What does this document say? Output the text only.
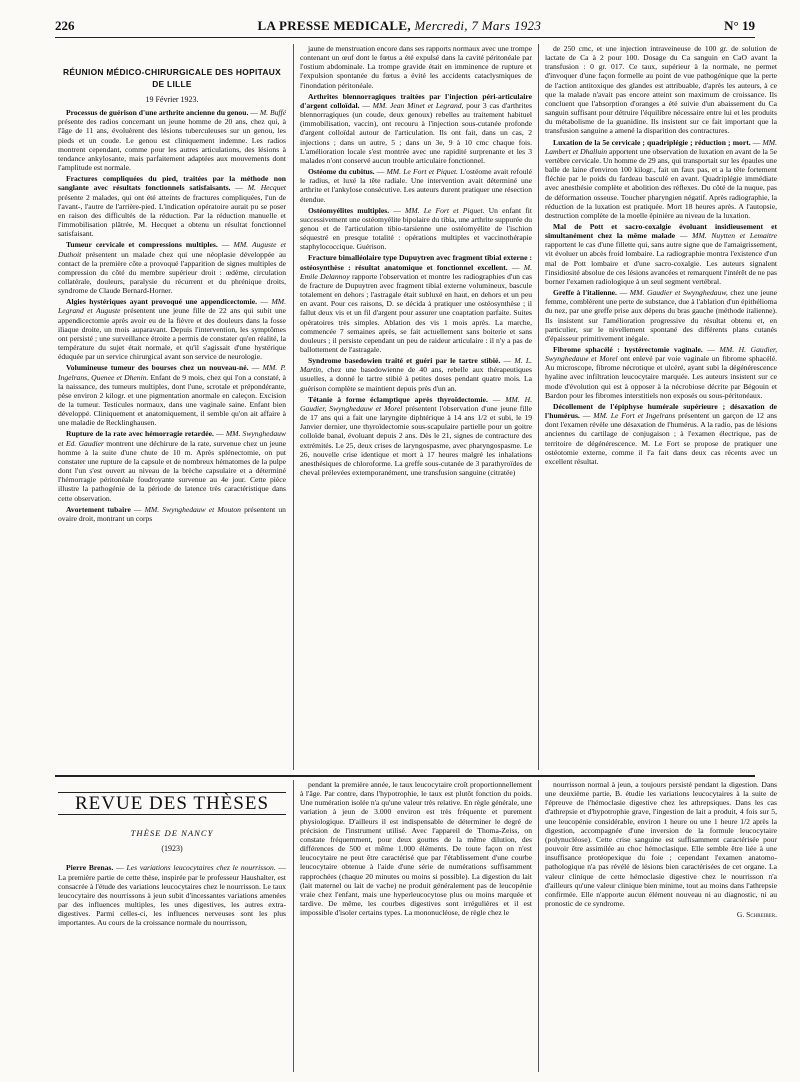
226	LA PRESSE MEDICALE, Mercredi, 7 Mars 1923	N° 19
RÉUNION MÉDICO-CHIRURGICALE DES HOPITAUX DE LILLE
19 Février 1923.

Processus de guérison d'une arthrite ancienne du genou. — M. Buffé présente des radios concernant un jeune homme de 20 ans, chez qui, à l'âge de 11 ans, évoluèrent des lésions tuberculeuses sur un genou, les pieds et un coude. Le genou est cliniquement indemne. Les radios montrent cependant, comme pour les autres articulations, des lésions à tendance ankylosante, mais parfaitement adaptées aux mouvements dont l'amplitude est normale.

Fractures compliquées du pied, traitées par la méthode non sanglante avec résultats fonctionnels satisfaisants. — M. Hecquet présente 2 malades, qui ont été atteints de fractures compliquées, l'un de l'avant-, l'autre de l'arrière-pied. L'indication opératoire aurait pu se poser en raison des difficultés de la réduction. Par la réduction manuelle et l'immobilisation plâtrée, M. Hecquet a obtenu un résultat fonctionnel satisfaisant.

Tumeur cervicale et compressions multiples. — MM. Auguste et Duthoit présentent un malade chez qui une néoplasie développée au contact de la première côte a provoqué l'apparition de signes multiples de compression du côté du membre supérieur droit : œdème, circulation collatérale, douleurs, paralysie du récurrent et du phrénique droits, syndrome de Claude Bernard-Horner.

Algies hystériques ayant provoqué une appendicectomie. — MM. Legrand et Auguste présentent une jeune fille de 22 ans qui subit une appendicectomie après avoir eu de la fièvre et des douleurs dans la fosse iliaque droite, un mois auparavant. Depuis l'intervention, les symptômes ont persisté ; une surveillance étroite a permis de constater qu'en réalité, la température du sujet était normale, et qu'il s'agissait d'une hystérique éduquée par un service chirurgical avant son service de neurologie.

Volumineuse tumeur des bourses chez un nouveau-né. — MM. P. Ingelrans, Quenee et Dhenin. Enfant de 9 mois, chez qui l'on a constaté, à la naissance, des tumeurs multiples, dont l'une, scrotale et prépondérante, pèse environ 2 kilogr. et une pigmentation anormale en caleçon. Excision de la tumeur. Testicules normaux, dans une vaginale saine. Enfant bien développé. Cliniquement et anatomiquement, il semble qu'on ait affaire à une maladie de Recklinghausen.

Rupture de la rate avec hémorragie retardée. — MM. Swynghedauw et Ed. Gaudier montrent une déchirure de la rate, survenue chez un jeune homme à la suite d'une chute de 10 m. Après splénectomie, on put constater une rupture de la capsule et de nombreux hématomes de la pulpe dont l'un s'est ouvert au niveau de la brèche capsulaire et a déterminé l'hémorragie péritonéale foudroyante survenue au 4e jour. Cette pièce illustre la pathogénie de la période de latence très caractéristique dans cette observation.

Avortement tubaire — MM. Swynghedauw et Mouton présentent un ovaire droit, montrant un corps

jaune de menstruation encore dans ses rapports normaux avec une trompe contenant un œuf dont le fœtus a été expulsé dans la cavité péritonéale par l'ostium abdominale. La trompe gravide était en imminence de rupture et l'expulsion spontanée du fœtus a évité les accidents cataclysmiques de l'inondation péritonéale.

Arthrites blennorragiques traitées par l'injection péri-articulaire d'argent colloïdal. — MM. Jean Minet et Legrand, pour 3 cas d'arthrites blennorragiques (un coude, deux genoux) rebelles au traitement habituel (immobilisation, vaccin), ont recouru à l'injection sous-cutanée profonde d'argent colloïdal autour de l'articulation. Ils ont fait, dans un cas, 2 injections ; dans un autre, 5 ; dans un 3e, 9 à 10 cmc chaque fois. L'amélioration locale s'est montrée avec une rapidité surprenante et les 3 malades n'ont conservé aucun trouble articulaire fonctionnel.

Ostéome du cubitus. — MM. Le Fort et Piquet. L'ostéome avait refoulé le radius, et luxé la tête radiale. Une intervention avait déterminé une arthrite et l'ankylose consécutive. Les auteurs durent pratiquer une résection étendue.

Ostéomyélites multiples. — MM. Le Fort et Piquet. Un enfant fit successivement une ostéomyélite bipolaire du tibia, une arthrite suppurée du genou et de l'articulation tibio-tarsienne une ostéomyélite de l'ischion séquestré en presque totalité : opérations multiples et vaccinothérapie staphylococcique. Guérison.

Fracture bimalléolaire type Dupuytren avec fragment tibial externe : ostéosynthèse : résultat anatomique et fonctionnel excellent. — M. Emile Delannoy rapporte l'observation et montre les radiographies d'un cas de fracture de Dupuytren avec fragment tibial externe volumineux, bascule totalement en dehors ; l'astragale était subluxé en haut, en dehors et un peu en avant. Pour ces raisons, D. se décida à pratiquer une ostéosynthèse ; il fallut deux vis et un fil d'argent pour assurer une coaptation parfaite. Suites opératoires très simples. Ablation des vis 1 mois après. La marche, commencée 7 semaines après, se fait actuellement sans boiterie et sans douleurs ; il persiste cependant un peu de raideur articulaire : il n'y a pas de ballottement de l'astragale.

Syndrome basedowien traité et guéri par le tartre stibié. — M. L. Martin, chez une basedowienne de 40 ans, rebelle aux thérapeutiques usuelles, a donné le tartre stibié à petites doses pendant quatre mois. La guérison complète se maintient depuis près d'un an.

Tétanie à forme éclamptique après thyroïdectomie. — MM. H. Gaudier, Swynghedauw et Morel présentent l'observation d'une jeune fille de 17 ans qui a fait une laryngite diphtérique à 14 ans 1/2 et subi, le 19 Janvier dernier, une thyroïdectomie sous-scapulaire partielle pour un goitre colloïde banal, évoluant depuis 2 ans. Dès le 21, signes de contracture des extrémités. Le 25, deux crises de laryngospasme, avec pharyngospasme. Le 26, nouvelle crise identique et mort à 17 heures malgré les inhalations anesthésiques de chloroforme. La greffe sous-cutanée de 3 parathyroïdes de cheval prélevées extemporanément, une transfusion sanguine (citratée)

de 250 cmc, et une injection intraveineuse de 100 gr. de solution de lactate de Ca à 2 pour 100. Dosage du Ca sanguin en CaO avant la transfusion : 0 gr. 017. Ce taux, supérieur à la normale, ne permet d'invoquer d'une façon formelle au point de vue pathogénique que la perte de l'action antitoxique des glandes est attribuable, d'après les auteurs, à ce que la malade n'avait pas encore atteint son maximum de croissance. Ils concluent que l'absorption d'oranges a été suivie d'un abaissement du Ca sanguin suffisant pour détruire l'équilibre nécessaire entre lui et les produits du métabolisme de la guanidine. Ils insistent sur ce fait important que la transfusion sanguine a amené la disparition des contractures.

Luxation de la 5e cervicale ; quadriplégie ; réduction ; mort. — MM. Lambert et Dhalluin apportent une observation de luxation en avant de la 5e vertèbre cervicale. Un homme de 29 ans, qui transportait sur les épaules une balle de laine d'environ 100 kilogr., fait un faux pas, et a la tête fortement fléchie par le poids du fardeau basculé en avant. Quadriplégie immédiate avec anesthésie complète et abolition des réflexes. Du côté de la nuque, pas de déformation osseuse. Toucher pharyngien négatif. Après radiographie, la réduction de la luxation est pratiquée. Mort 18 heures après. A l'autopsie, destruction complète de la moelle épinière au niveau de la luxation.

Mal de Pott et sacro-coxalgie évoluant insidieusement et simultanément chez la même malade — MM. Nuytten et Lemaitre rapportent le cas d'une fillette qui, sans autre signe que de l'amaigrissement, vit évoluer un abcès froid lombaire. La radiographie montra l'existence d'un mal de Pott lombaire et d'une sacro-coxalgie. Les auteurs signalent l'insidiosité absolue de ces lésions avancées et remarquent l'intérêt de ne pas borner l'examen radiologique à un seul segment vertébral.

Greffe à l'italienne. — MM. Gaudier et Swynghedauw, chez une jeune femme, comblèrent une perte de substance, due à l'ablation d'un épithélioma du nez, par une greffe prise aux dépens du bras gauche (méthode italienne). Ils insistent sur l'amélioration progressive du résultat obtenu et, en particulier, sur le nivellement spontané des différents plans cutanés d'épaisseur primitivement inégale.

Fibrome sphacélé : hystérectomie vaginale. — MM. H. Gaudier, Swynghedauw et Morel ont enlevé par voie vaginale un fibrome sphacélé. Au microscope, fibrome nécrotique et ulcéré, ayant subi la dégénérescence hyaline avec infiltration leucocytaire marquée. Les auteurs insistent sur ce mode d'évolution qui est à opposer à la nécrobiose décrite par Bégouin et Bardon pour les fibromes interstitiels non exposés ou sous-péritonéaux.

Décollement de l'épiphyse humérale supérieure ; désaxation de l'humérus. — MM. Le Fort et Ingelrans présentent un garçon de 12 ans dont l'examen révèle une désaxation de l'humérus. A la radio, pas de lésions anciennes du cartilage de conjugaison ; à l'examen électrique, pas de territoire de dégénérescence. M. Le Fort se propose de pratiquer une ostéotomie externe, comme il l'a fait dans deux cas récents avec un excellent résultat.

REVUE DES THÈSES
THÈSE DE NANCY
(1923)

Pierre Brenas. — Les variations leucocytaires chez le nourrisson. — La première partie de cette thèse, inspirée par le professeur Haushalter, est consacrée à l'étude des variations leucocytaires chez le nourrisson. Le taux leucocytaire des nourrissons à jeun subit d'incessantes variations amenées par des influences multiples, les unes digestives, les autres extra-digestives. Parmi celles-ci, les influences nerveuses sont les plus importantes. Au cours de la croissance normale du nourrisson,

pendant la première année, le taux leucocytaire croît proportionnellement à l'âge. Par contre, dans l'hypotrophie, le taux est plutôt fonction du poids. Une numération isolée n'a qu'une valeur très relative. En règle générale, une variation à jeun de 3.000 environ est très fréquente et purement physiologique. D'ailleurs il est indispensable de déterminer le degré de précision de l'instrument utilisé. Avec l'appareil de Thoma-Zeiss, on constate fréquemment, pour deux gouttes de la même dilution, des différences de 500 et même 1.000 éléments. De toute façon on n'est leucocytaire ne peut être caractérisé que par l'établissement d'une courbe leucocytaire obtenue à l'aide d'une série de numérations suffisamment rapprochées (chaque 20 minutes ou moins si possible). La digestion du lait (lait maternel ou lait de vache) ne produit généralement pas de leucopénie vraie chez l'enfant, mais une hyperleucocytose plus ou moins marquée et tardive. De même, les courbes digestives sont irrégulières et il est impossible d'isoler certains types. La mononucléose, de règle chez le

nourrisson normal à jeun, a toujours persisté pendant la digestion. Dans une deuxième partie, B. étudie les variations leucocytaires à la suite de l'épreuve de l'hémoclasie digestive chez les athrepsiques. Dans les cas d'athrepsie et d'hypotrophie grave, l'ingestion de lait a produit, 4 fois sur 5, une leucopénie considérable, environ 1 heure ou une 1 heure 1/2 après la digestion, accompagnée d'une inversion de la formule leucocytaire (polynucléose). Cette crise sanguine est suffisamment caractérisée pour pouvoir être assimilée au choc hémoclasique. Elle semble être liée à une insuffisance protéopexique du foie ; cependant l'examen anatomo-pathologique n'a pas révélé de lésions bien caractérisées de cet organe. La valeur clinique de cette hémoclasie digestive chez le nourrisson n'a d'ailleurs qu'une valeur clinique bien minime, tout au moins dans l'athrepsie confirmée. Elle n'apporte aucun élément nouveau ni au diagnostic, ni au pronostic de ce syndrome.

G. Schreiber.
